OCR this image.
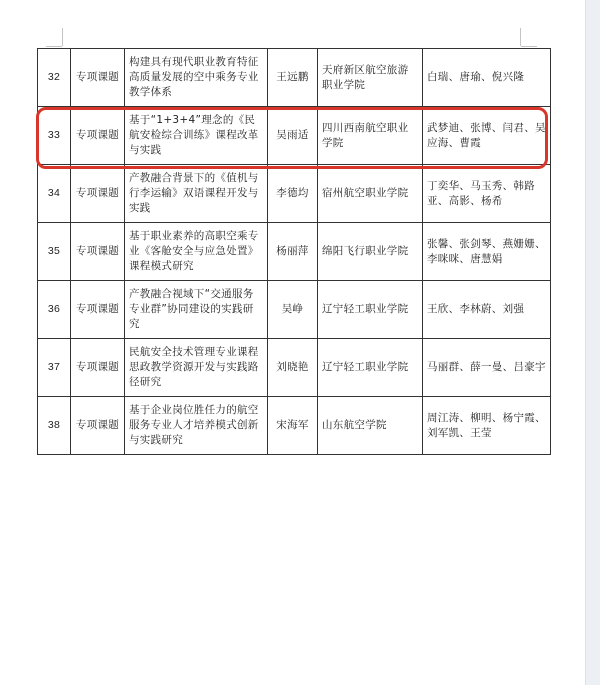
32	专项课题	构建具有现代职业教育特征高质量发展的空中乘务专业教学体系	王远鹏	天府新区航空旅游职业学院	白瑞、唐瑜、倪兴隆
33	专项课题	基于“1+3+4”理念的《民航安检综合训练》课程改革与实践	吴雨适	四川西南航空职业学院	武梦迪、张博、闫君、吴应海、曹霞
34	专项课题	产教融合背景下的《值机与行李运输》双语课程开发与实践	李德均	宿州航空职业学院	丁奕华、马玉秀、韩路亚、高影、杨希
35	专项课题	基于职业素养的高职空乘专业《客舱安全与应急处置》课程模式研究	杨丽萍	绵阳飞行职业学院	张馨、张剑琴、燕姗姗、李咪咪、唐慧娟
36	专项课题	产教融合视域下“交通服务专业群”协同建设的实践研究	吴峥	辽宁轻工职业学院	王欣、李林蔚、刘强
37	专项课题	民航安全技术管理专业课程思政教学资源开发与实践路径研究	刘晓艳	辽宁轻工职业学院	马丽群、薛一曼、吕豪宇
38	专项课题	基于企业岗位胜任力的航空服务专业人才培养模式创新与实践研究	宋海军	山东航空学院	周江涛、柳明、杨宁霞、刘军凯、王莹
